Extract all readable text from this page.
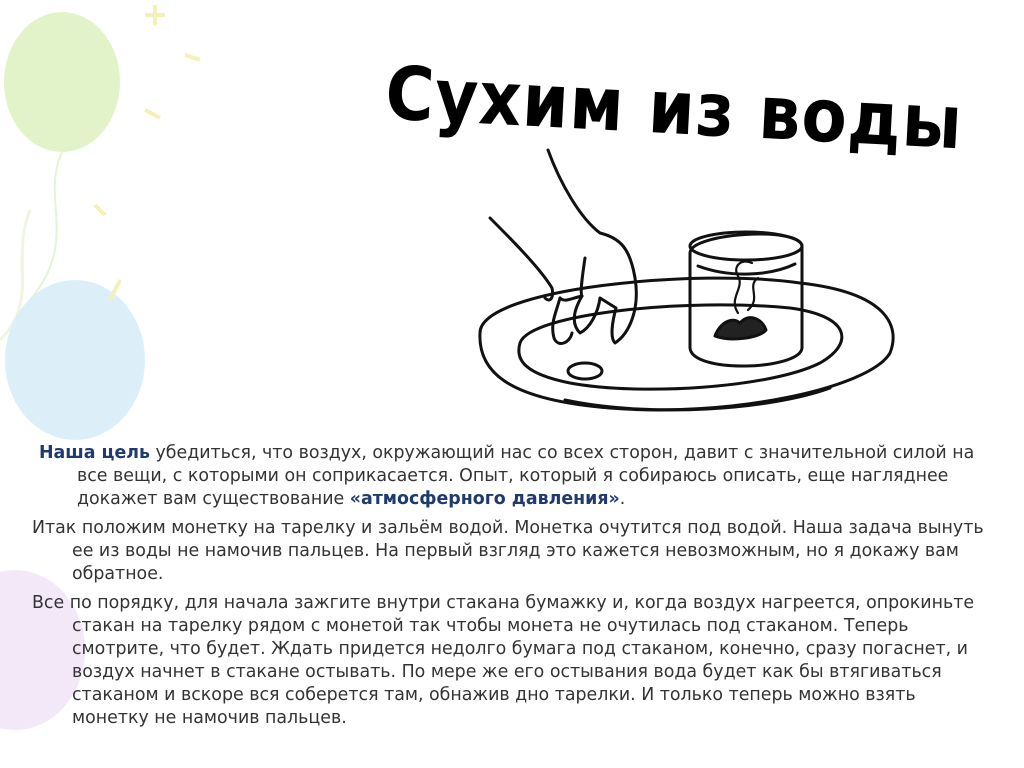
Сухим из воды

Наша цель убедиться, что воздух, окружающий нас со всех сторон, давит с значительной силой на все вещи, с которыми он соприкасается. Опыт, который я собираюсь описать, еще нагляднее докажет вам существование «атмосферного давления».

Итак положим монетку на тарелку и зальём водой. Монетка очутится под водой. Наша задача вынуть ее из воды не намочив пальцев. На первый взгляд это кажется невозможным, но я докажу вам обратное.

Все по порядку, для начала зажгите внутри стакана бумажку и, когда воздух нагреется, опрокиньте стакан на тарелку рядом с монетой так чтобы монета не очутилась под стаканом. Теперь смотрите, что будет. Ждать придется недолго бумага под стаканом, конечно, сразу погаснет, и воздух начнет в стакане остывать. По мере же его остывания вода будет как бы втягиваться стаканом и вскоре вся соберется там, обнажив дно тарелки. И только теперь можно взять монетку не намочив пальцев.
